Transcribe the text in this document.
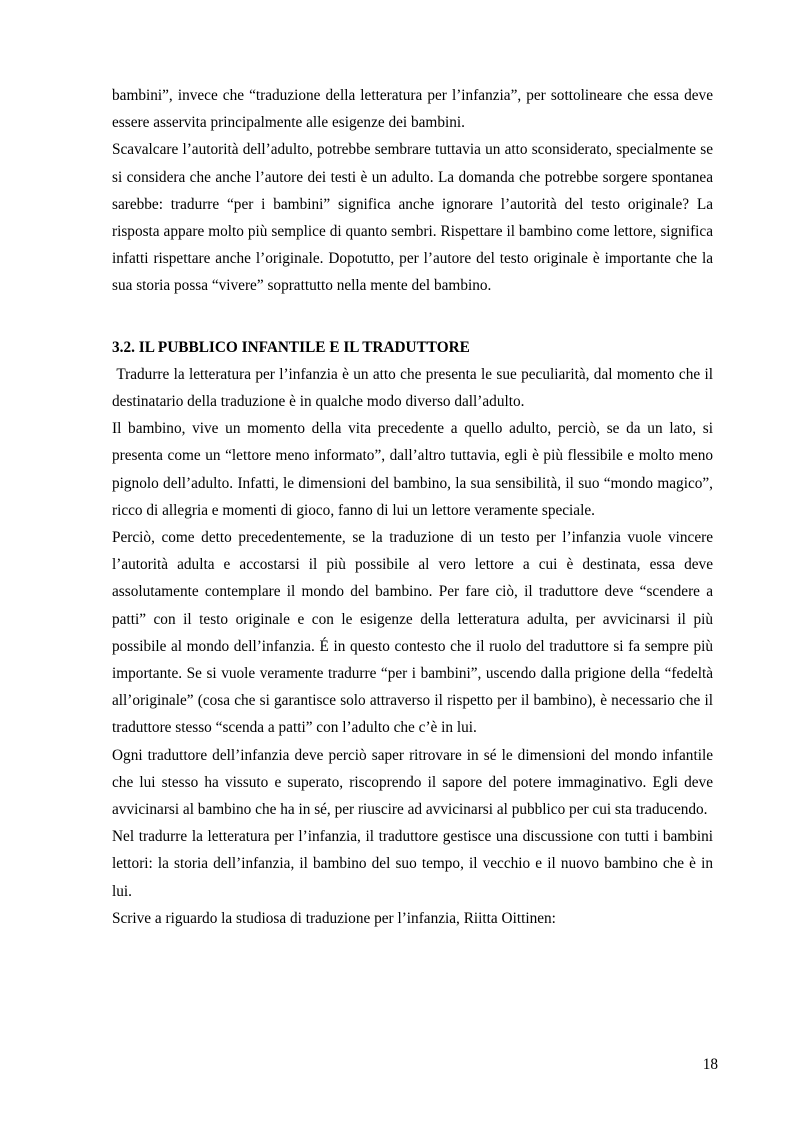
bambini”, invece che “traduzione della letteratura per l’infanzia”, per sottolineare che essa deve essere asservita principalmente alle esigenze dei bambini.

Scavalcare l’autorità dell’adulto, potrebbe sembrare tuttavia un atto sconsiderato, specialmente se si considera che anche l’autore dei testi è un adulto. La domanda che potrebbe sorgere spontanea sarebbe: tradurre “per i bambini” significa anche ignorare l’autorità del testo originale? La risposta appare molto più semplice di quanto sembri. Rispettare il bambino come lettore, significa infatti rispettare anche l’originale. Dopotutto, per l’autore del testo originale è importante che la sua storia possa “vivere” soprattutto nella mente del bambino.

3.2. IL PUBBLICO INFANTILE E IL TRADUTTORE

Tradurre la letteratura per l’infanzia è un atto che presenta le sue peculiarità, dal momento che il destinatario della traduzione è in qualche modo diverso dall’adulto.

Il bambino, vive un momento della vita precedente a quello adulto, perciò, se da un lato, si presenta come un “lettore meno informato”, dall’altro tuttavia, egli è più flessibile e molto meno pignolo dell’adulto. Infatti, le dimensioni del bambino, la sua sensibilità, il suo “mondo magico”, ricco di allegria e momenti di gioco, fanno di lui un lettore veramente speciale.

Perciò, come detto precedentemente, se la traduzione di un testo per l’infanzia vuole vincere l’autorità adulta e accostarsi il più possibile al vero lettore a cui è destinata, essa deve assolutamente contemplare il mondo del bambino. Per fare ciò, il traduttore deve “scendere a patti” con il testo originale e con le esigenze della letteratura adulta, per avvicinarsi il più possibile al mondo dell’infanzia. É in questo contesto che il ruolo del traduttore si fa sempre più importante. Se si vuole veramente tradurre “per i bambini”, uscendo dalla prigione della “fedeltà all’originale” (cosa che si garantisce solo attraverso il rispetto per il bambino), è necessario che il traduttore stesso “scenda a patti” con l’adulto che c’è in lui.

Ogni traduttore dell’infanzia deve perciò saper ritrovare in sé le dimensioni del mondo infantile che lui stesso ha vissuto e superato, riscoprendo il sapore del potere immaginativo. Egli deve avvicinarsi al bambino che ha in sé, per riuscire ad avvicinarsi al pubblico per cui sta traducendo.

Nel tradurre la letteratura per l’infanzia, il traduttore gestisce una discussione con tutti i bambini lettori: la storia dell’infanzia, il bambino del suo tempo, il vecchio e il nuovo bambino che è in lui.

Scrive a riguardo la studiosa di traduzione per l’infanzia, Riitta Oittinen:

18
